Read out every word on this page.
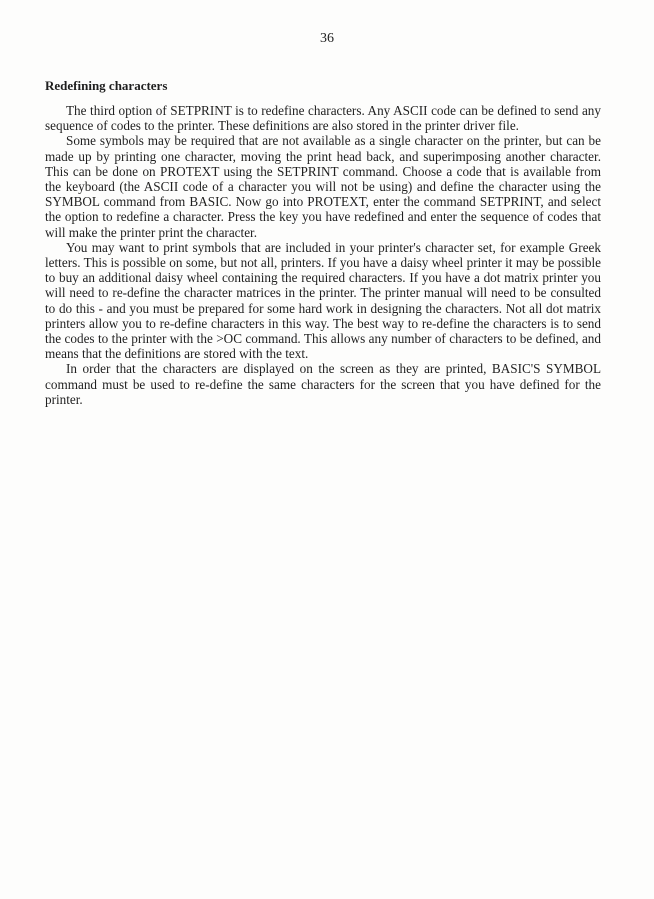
36
Redefining characters

The third option of SETPRINT is to redefine characters. Any ASCII code can be defined to send any sequence of codes to the printer. These definitions are also stored in the printer driver file.

Some symbols may be required that are not available as a single character on the printer, but can be made up by printing one character, moving the print head back, and superimposing another character. This can be done on PROTEXT using the SETPRINT command. Choose a code that is available from the keyboard (the ASCII code of a character you will not be using) and define the character using the SYMBOL command from BASIC. Now go into PROTEXT, enter the command SETPRINT, and select the option to redefine a character. Press the key you have redefined and enter the sequence of codes that will make the printer print the character.

You may want to print symbols that are included in your printer's character set, for example Greek letters. This is possible on some, but not all, printers. If you have a daisy wheel printer it may be possible to buy an additional daisy wheel containing the required characters. If you have a dot matrix printer you will need to re-define the character matrices in the printer. The printer manual will need to be consulted to do this - and you must be prepared for some hard work in designing the characters. Not all dot matrix printers allow you to re-define characters in this way. The best way to re-define the characters is to send the codes to the printer with the >OC command. This allows any number of characters to be defined, and means that the definitions are stored with the text.

In order that the characters are displayed on the screen as they are printed, BASIC'S SYMBOL command must be used to re-define the same characters for the screen that you have defined for the printer.
